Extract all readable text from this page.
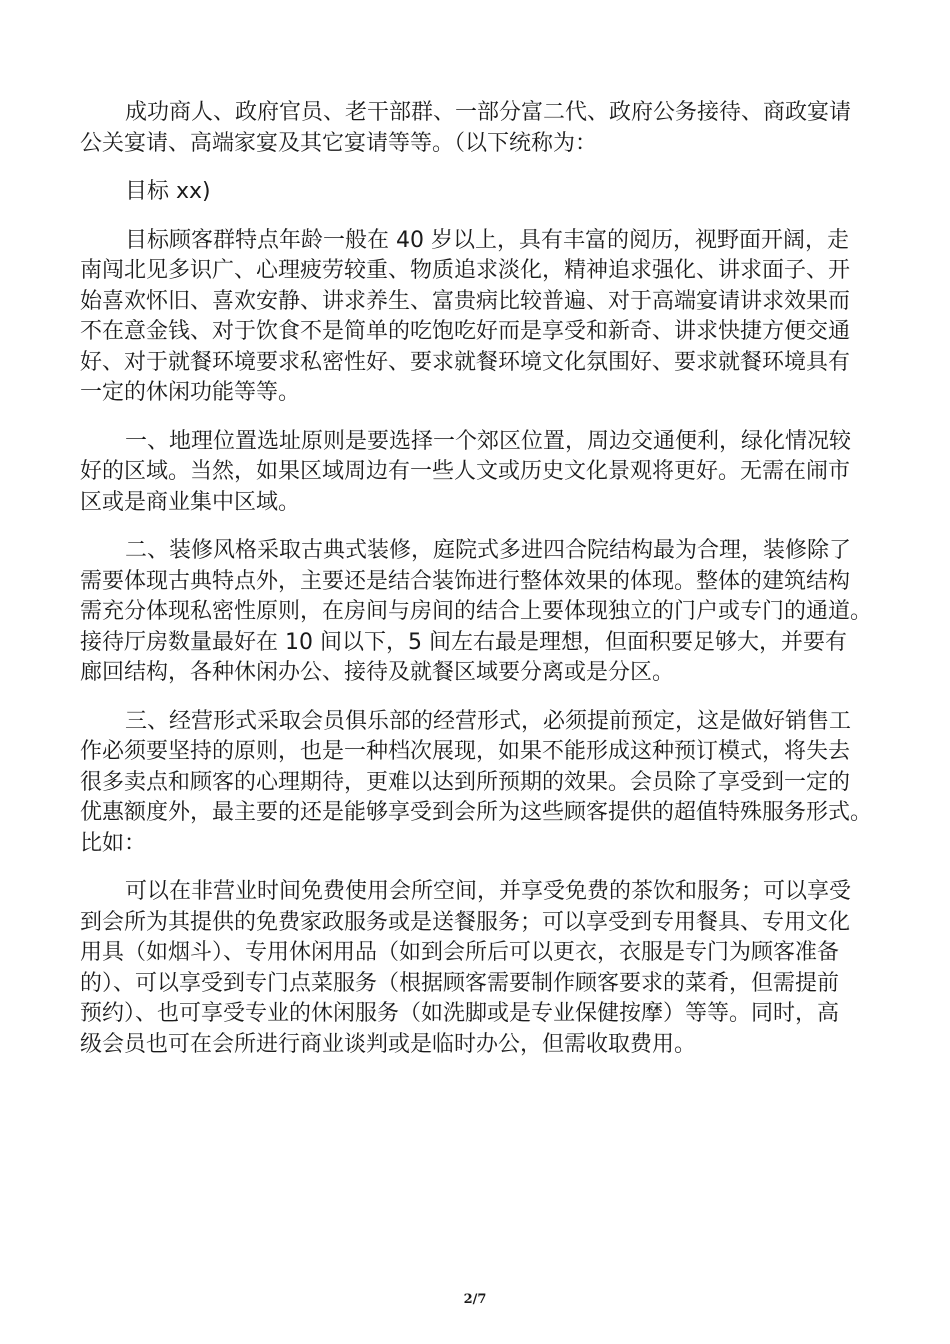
成功商人、政府官员、老干部群、一部分富二代、政府公务接待、商政宴请
公关宴请、高端家宴及其它宴请等等。（以下统称为：
目标 xx)
目标顾客群特点年龄一般在 40 岁以上，具有丰富的阅历，视野面开阔，走
南闯北见多识广、心理疲劳较重、物质追求淡化，精神追求强化、讲求面子、开
始喜欢怀旧、喜欢安静、讲求养生、富贵病比较普遍、对于高端宴请讲求效果而
不在意金钱、对于饮食不是简单的吃饱吃好而是享受和新奇、讲求快捷方便交通
好、对于就餐环境要求私密性好、要求就餐环境文化氛围好、要求就餐环境具有
一定的休闲功能等等。
一、地理位置选址原则是要选择一个郊区位置，周边交通便利，绿化情况较
好的区域。当然，如果区域周边有一些人文或历史文化景观将更好。无需在闹市
区或是商业集中区域。
二、装修风格采取古典式装修，庭院式多进四合院结构最为合理，装修除了
需要体现古典特点外，主要还是结合装饰进行整体效果的体现。整体的建筑结构
需充分体现私密性原则，在房间与房间的结合上要体现独立的门户或专门的通道。
接待厅房数量最好在 10 间以下，5 间左右最是理想，但面积要足够大，并要有
廊回结构，各种休闲办公、接待及就餐区域要分离或是分区。
三、经营形式采取会员俱乐部的经营形式，必须提前预定，这是做好销售工
作必须要坚持的原则，也是一种档次展现，如果不能形成这种预订模式，将失去
很多卖点和顾客的心理期待，更难以达到所预期的效果。会员除了享受到一定的
优惠额度外，最主要的还是能够享受到会所为这些顾客提供的超值特殊服务形式。
比如：
可以在非营业时间免费使用会所空间，并享受免费的茶饮和服务；可以享受
到会所为其提供的免费家政服务或是送餐服务；可以享受到专用餐具、专用文化
用具（如烟斗）、专用休闲用品（如到会所后可以更衣，衣服是专门为顾客准备
的）、可以享受到专门点菜服务（根据顾客需要制作顾客要求的菜肴，但需提前
预约）、也可享受专业的休闲服务（如洗脚或是专业保健按摩）等等。同时，高
级会员也可在会所进行商业谈判或是临时办公，但需收取费用。
2/7
